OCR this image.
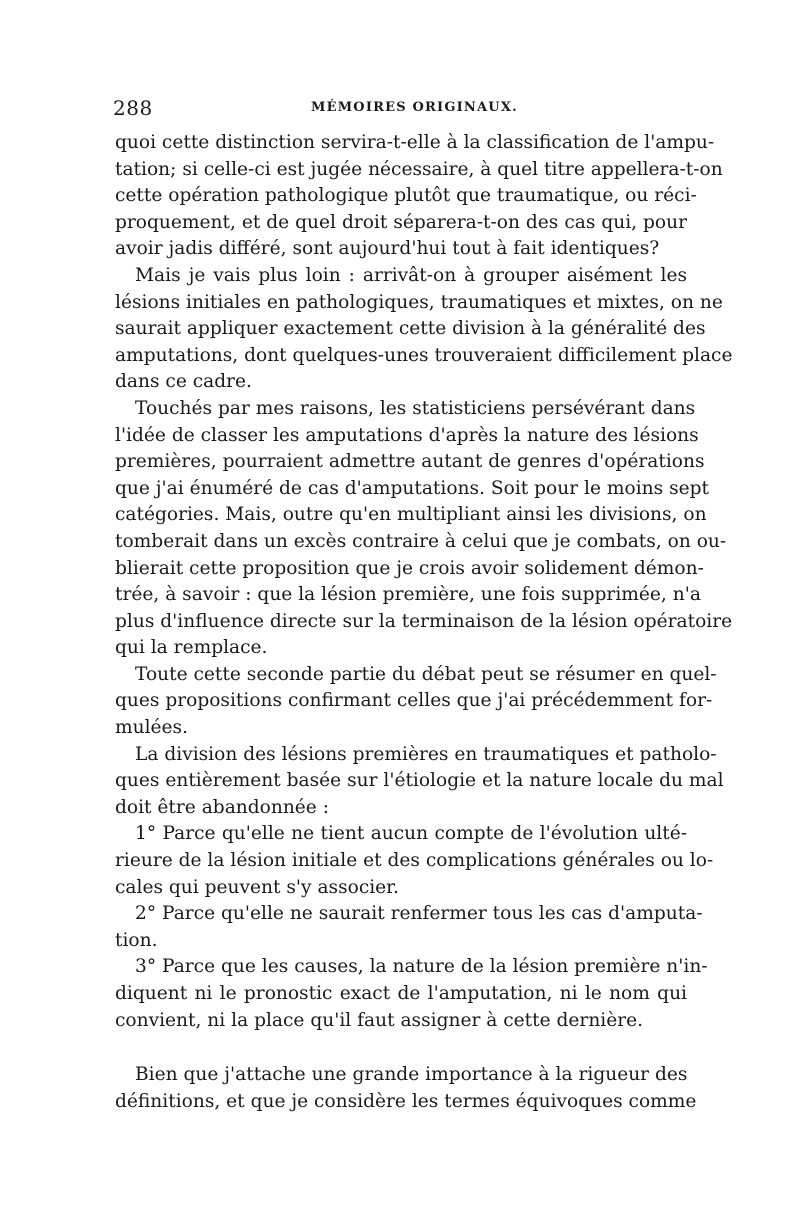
288	MÉMOIRES ORIGINAUX.
quoi cette distinction servira-t-elle à la classification de l'ampu-
tation; si celle-ci est jugée nécessaire, à quel titre appellera-t-on
cette opération pathologique plutôt que traumatique, ou réci-
proquement, et de quel droit séparera-t-on des cas qui, pour
avoir jadis différé, sont aujourd'hui tout à fait identiques?
Mais je vais plus loin : arrivât-on à grouper aisément les
lésions initiales en pathologiques, traumatiques et mixtes, on ne
saurait appliquer exactement cette division à la généralité des
amputations, dont quelques-unes trouveraient difficilement place
dans ce cadre.
Touchés par mes raisons, les statisticiens persévérant dans
l'idée de classer les amputations d'après la nature des lésions
premières, pourraient admettre autant de genres d'opérations
que j'ai énuméré de cas d'amputations. Soit pour le moins sept
catégories. Mais, outre qu'en multipliant ainsi les divisions, on
tomberait dans un excès contraire à celui que je combats, on ou-
blierait cette proposition que je crois avoir solidement démon-
trée, à savoir : que la lésion première, une fois supprimée, n'a
plus d'influence directe sur la terminaison de la lésion opératoire
qui la remplace.
Toute cette seconde partie du débat peut se résumer en quel-
ques propositions confirmant celles que j'ai précédemment for-
mulées.
La division des lésions premières en traumatiques et patholo-
ques entièrement basée sur l'étiologie et la nature locale du mal
doit être abandonnée :
1° Parce qu'elle ne tient aucun compte de l'évolution ulté-
rieure de la lésion initiale et des complications générales ou lo-
cales qui peuvent s'y associer.
2° Parce qu'elle ne saurait renfermer tous les cas d'amputa-
tion.
3° Parce que les causes, la nature de la lésion première n'in-
diquent ni le pronostic exact de l'amputation, ni le nom qui
convient, ni la place qu'il faut assigner à cette dernière.
Bien que j'attache une grande importance à la rigueur des
définitions, et que je considère les termes équivoques comme
